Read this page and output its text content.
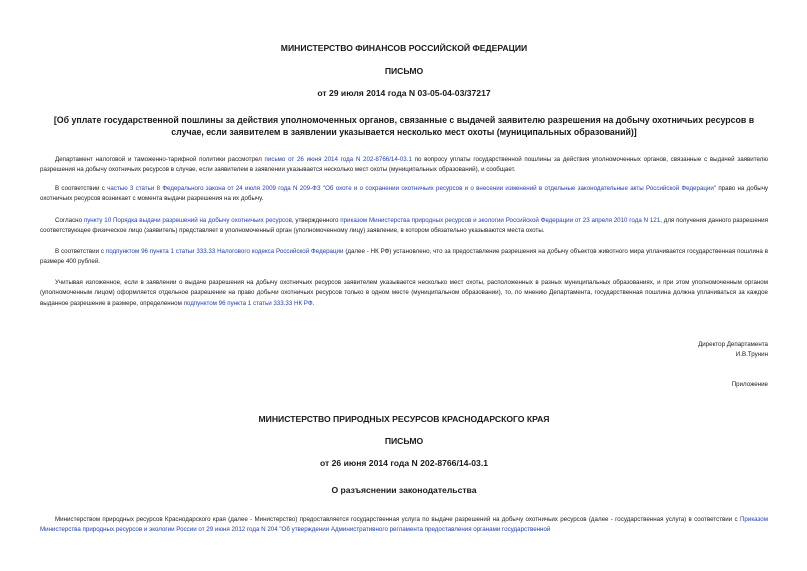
МИНИСТЕРСТВО ФИНАНСОВ РОССИЙСКОЙ ФЕДЕРАЦИИ
ПИСЬМО
от 29 июля 2014 года N 03-05-04-03/37217
[Об уплате государственной пошлины за действия уполномоченных органов, связанные с выдачей заявителю разрешения на добычу охотничьих ресурсов в случае, если заявителем в заявлении указывается несколько мест охоты (муниципальных образований)]
Департамент налоговой и таможенно-тарифной политики рассмотрел письмо от 26 июня 2014 года N 202-8766/14-03.1 по вопросу уплаты государственной пошлины за действия уполномоченных органов, связанные с выдачей заявителю разрешения на добычу охотничьих ресурсов в случае, если заявителем в заявлении указывается несколько мест охоты (муниципальных образований), и сообщает.
В соответствии с частью 3 статьи 8 Федерального закона от 24 июля 2009 года N 209-ФЗ "Об охоте и о сохранении охотничьих ресурсов и о внесении изменений в отдельные законодательные акты Российской Федерации" право на добычу охотничьих ресурсов возникает с момента выдачи разрешения на их добычу.
Согласно пункту 10 Порядка выдачи разрешений на добычу охотничьих ресурсов, утвержденного приказом Министерства природных ресурсов и экологии Российской Федерации от 23 апреля 2010 года N 121, для получения данного разрешения соответствующее физическое лицо (заявитель) представляет в уполномоченный орган (уполномоченному лицу) заявление, в котором обязательно указываются места охоты.
В соответствии с подпунктом 96 пункта 1 статьи 333.33 Налогового кодекса Российской Федерации (далее - НК РФ) установлено, что за предоставление разрешения на добычу объектов животного мира уплачивается государственная пошлина в размере 400 рублей.
Учитывая изложенное, если в заявлении о выдаче разрешения на добычу охотничьих ресурсов заявителем указывается несколько мест охоты, расположенных в разных муниципальных образованиях, и при этом уполномоченным органом (уполномоченным лицом) оформляется отдельное разрешение на право добычи охотничьих ресурсов только в одном месте (муниципальном образовании), то, по мнению Департамента, государственная пошлина должна уплачиваться за каждое выданное разрешение в размере, определенном подпунктом 96 пункта 1 статьи 333.33 НК РФ.
Директор Департамента
И.В.Трунин
Приложение
МИНИСТЕРСТВО ПРИРОДНЫХ РЕСУРСОВ КРАСНОДАРСКОГО КРАЯ
ПИСЬМО
от 26 июня 2014 года N 202-8766/14-03.1
О разъяснении законодательства
Министерством природных ресурсов Краснодарского края (далее - Министерство) предоставляется государственная услуга по выдаче разрешений на добычу охотничьих ресурсов (далее - государственная услуга) в соответствии с Приказом Министерства природных ресурсов и экологии России от 29 июня 2012 года N 204 "Об утверждении Административного регламента предоставления органами государственной
